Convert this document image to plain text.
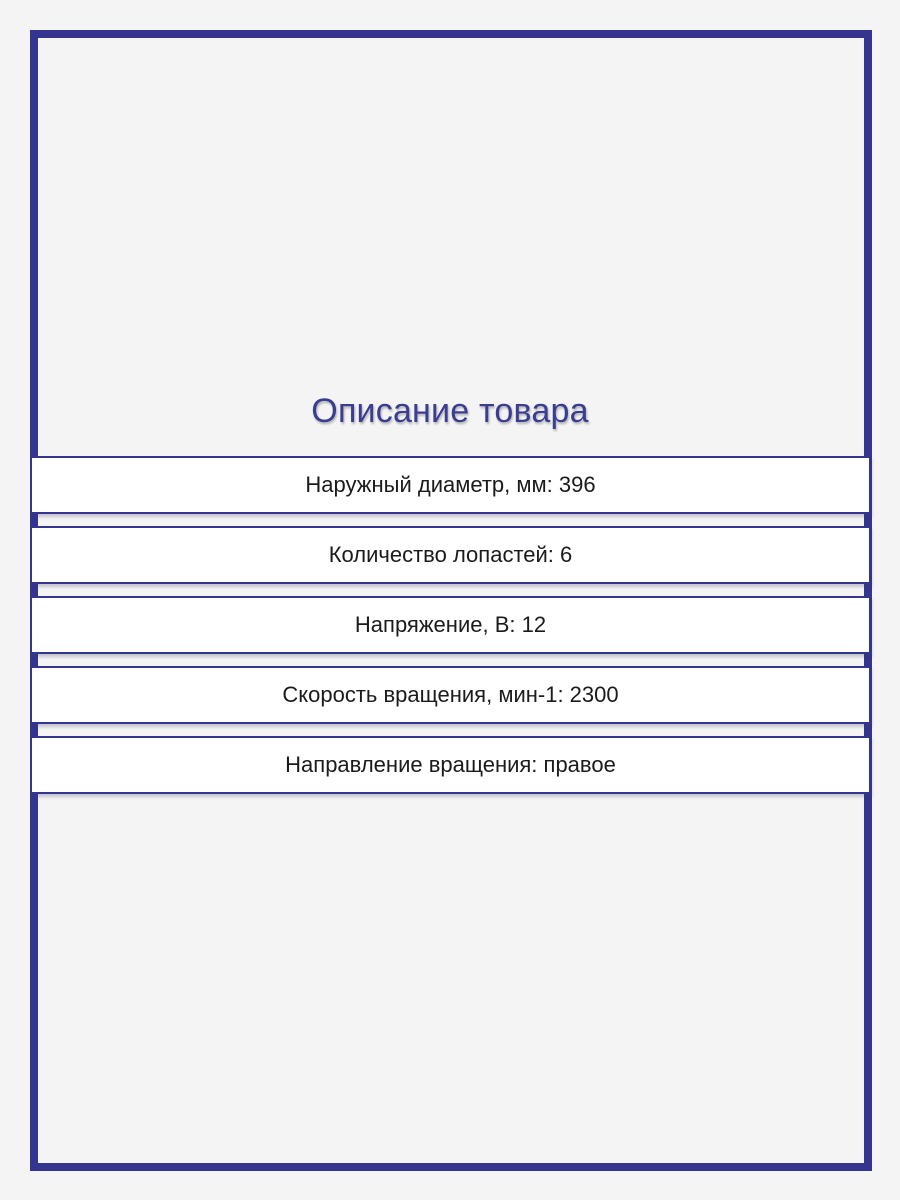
Описание товара
Наружный диаметр, мм: 396
Количество лопастей: 6
Напряжение, В: 12
Скорость вращения, мин-1: 2300
Направление вращения: правое
